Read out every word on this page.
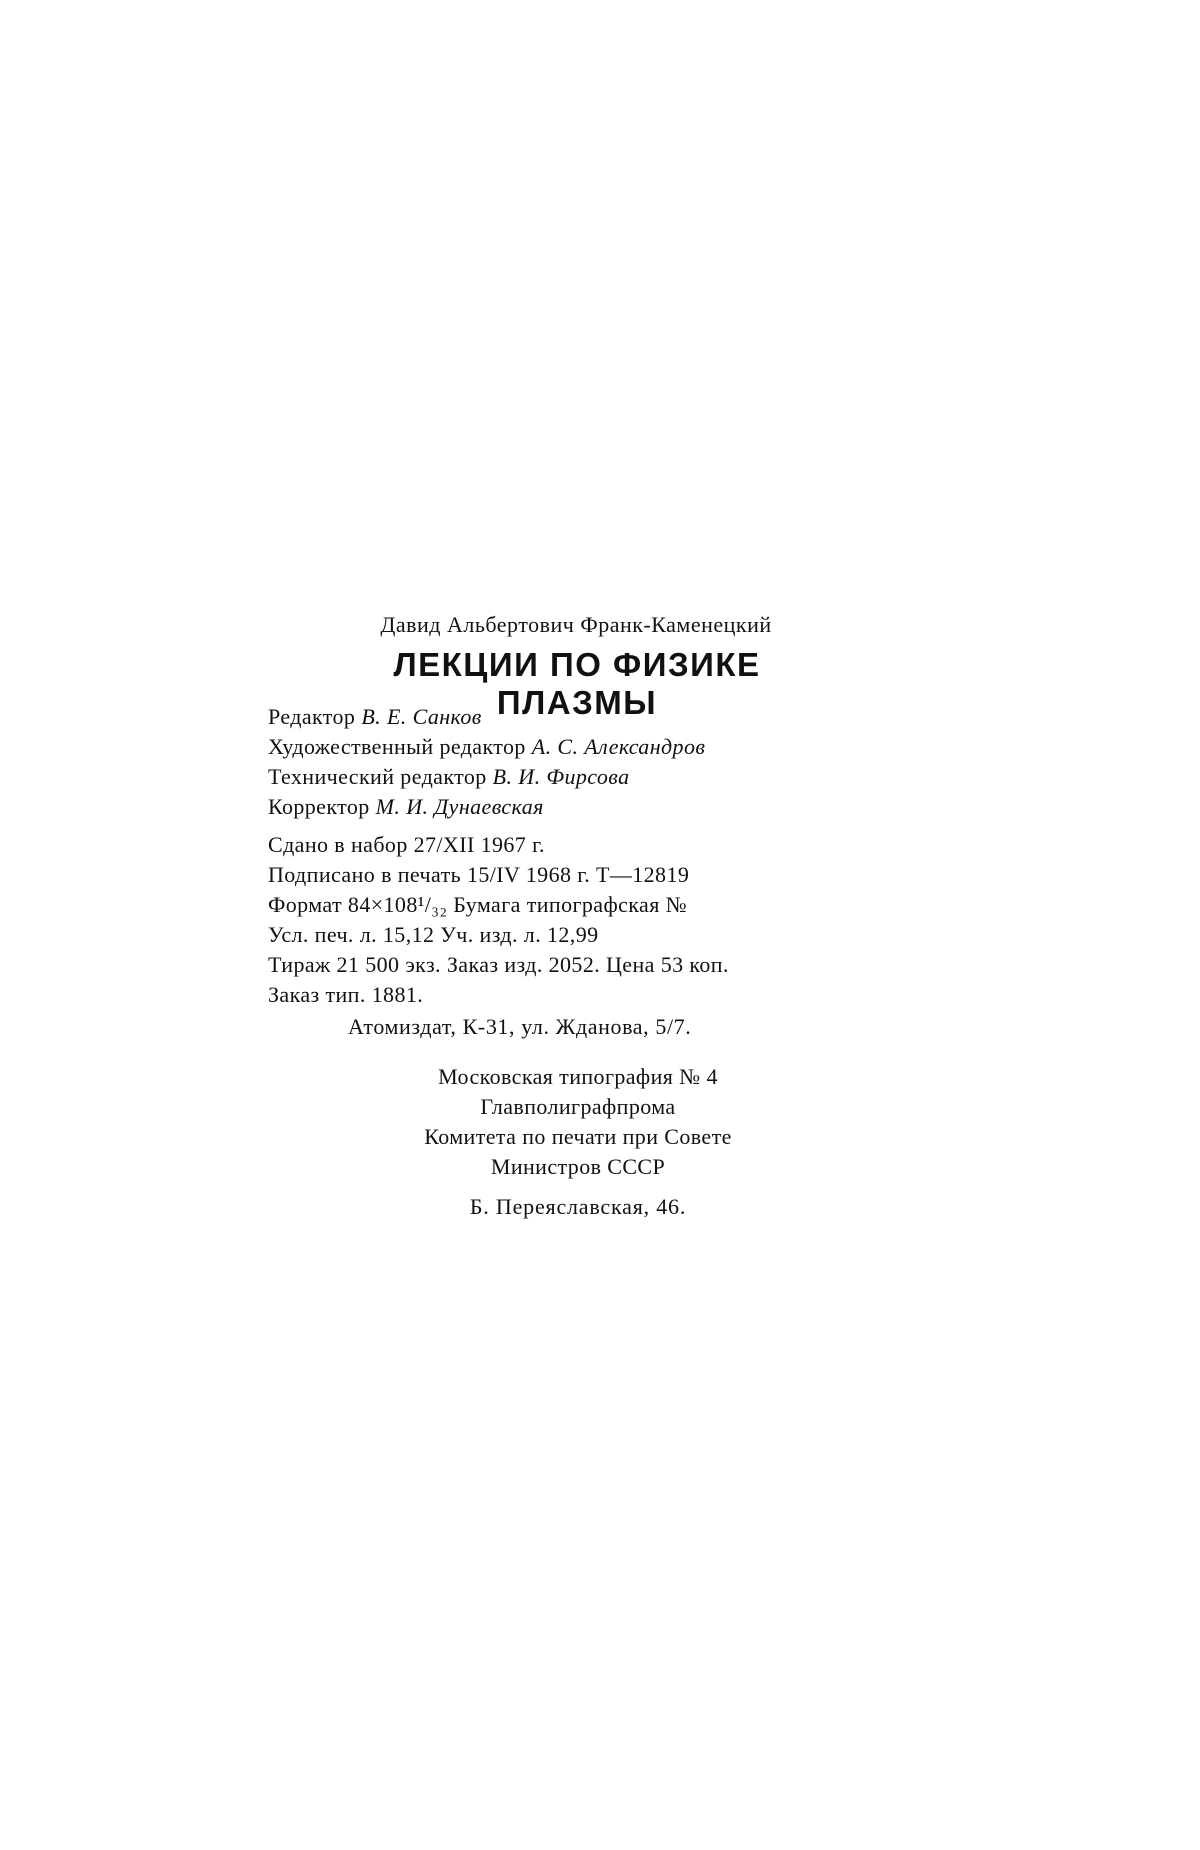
Давид Альбертович Франк-Каменецкий
ЛЕКЦИИ ПО ФИЗИКЕ ПЛАЗМЫ
Редактор В. Е. Санков
Художественный редактор А. С. Александров
Технический редактор В. И. Фирсова
Корректор М. И. Дунаевская
Сдано в набор 27/XII 1967 г.
Подписано в печать 15/IV 1968 г. Т—12819
Формат 84×108¹/₃₂ Бумага типографская №
Усл. печ. л. 15,12 Уч. изд. л. 12,99
Тираж 21 500 экз. Заказ изд. 2052. Цена 53 коп.
Заказ тип. 1881.
Атомиздат, К-31, ул. Жданова, 5/7.
Московская типография № 4
Главполиграфпрома
Комитета по печати при Совете
Министров СССР
Б. Переяславская, 46.
